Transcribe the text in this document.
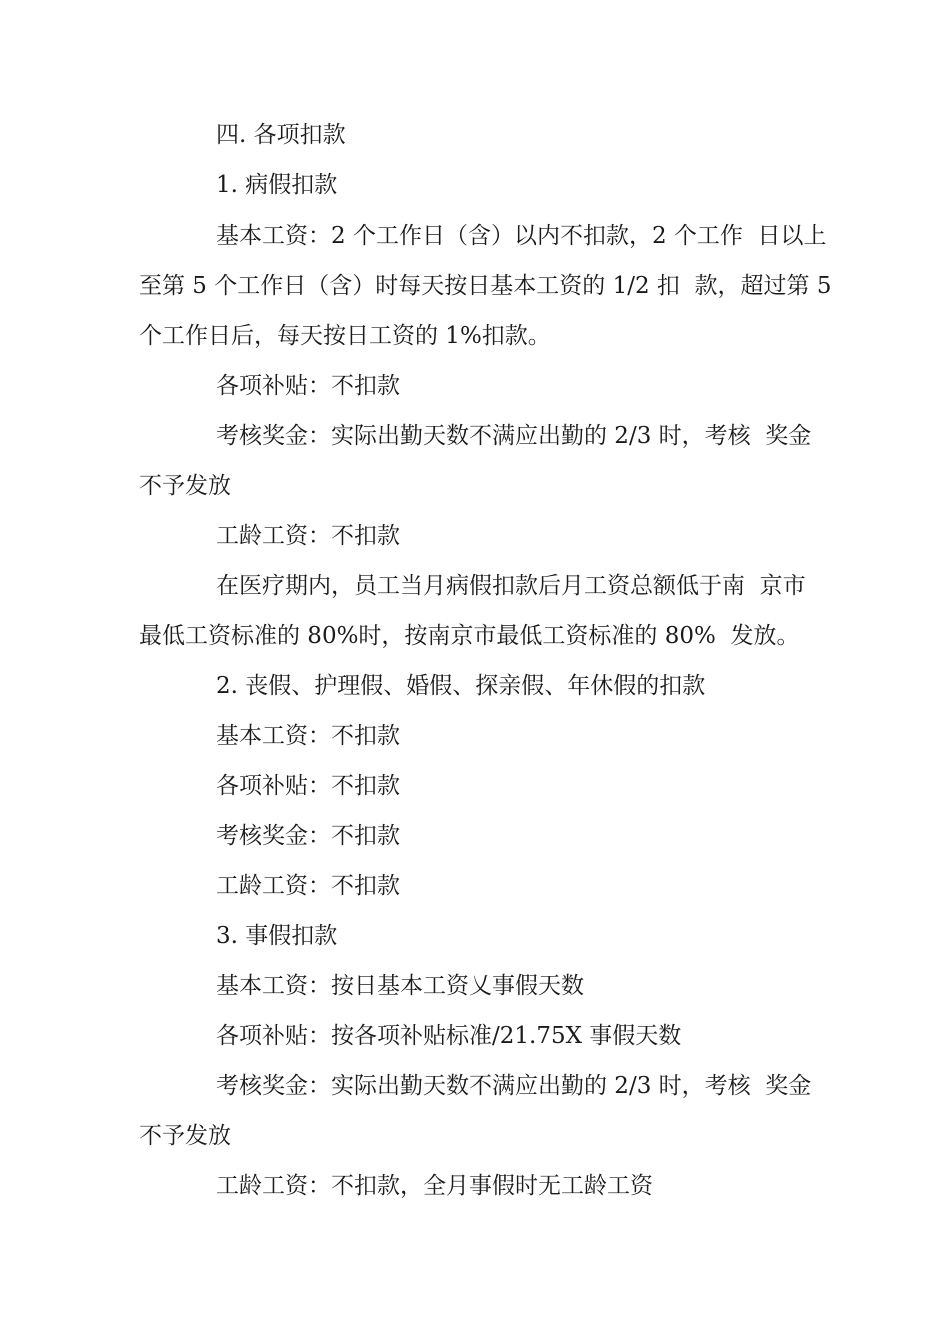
四. 各项扣款
1. 病假扣款
基本工资：2 个工作日（含）以内不扣款，2 个工作  日以上
至第 5 个工作日（含）时每天按日基本工资的 1/2 扣  款，超过第 5
个工作日后，每天按日工资的 1%扣款。
各项补贴：不扣款
考核奖金：实际出勤天数不满应出勤的 2/3 时，考核  奖金
不予发放
工龄工资：不扣款
在医疗期内，员工当月病假扣款后月工资总额低于南  京市
最低工资标准的 80%时，按南京市最低工资标准的 80%  发放。
2. 丧假、护理假、婚假、探亲假、年休假的扣款
基本工资：不扣款
各项补贴：不扣款
考核奖金：不扣款
工龄工资：不扣款
3. 事假扣款
基本工资：按日基本工资乂事假天数
各项补贴：按各项补贴标准/21.75X 事假天数
考核奖金：实际出勤天数不满应出勤的 2/3 时，考核  奖金
不予发放
工龄工资：不扣款，全月事假时无工龄工资
